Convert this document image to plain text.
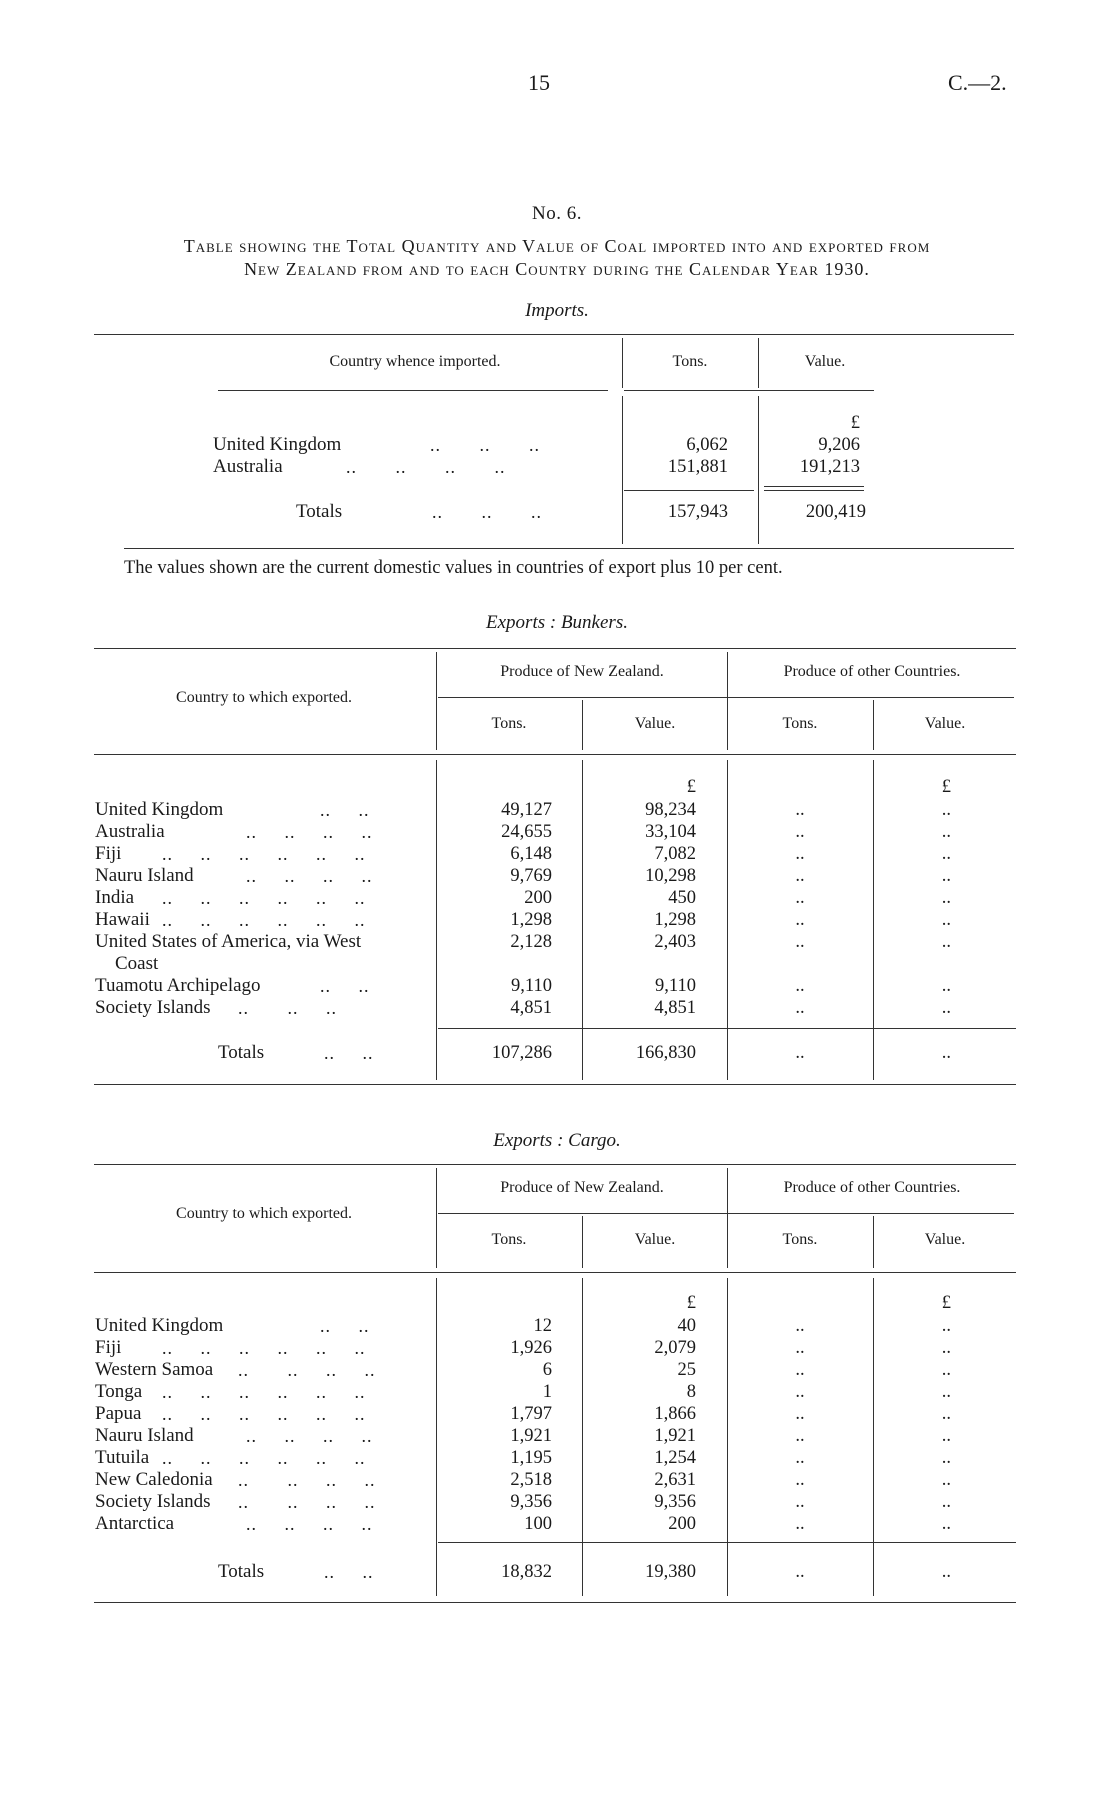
15	C.—2.
No. 6.
Table showing the Total Quantity and Value of Coal imported into and exported from
New Zealand from and to each Country during the Calendar Year 1930.
Imports.
Country whence imported.	Tons.	Value.
£
United Kingdom	..       ..       ..	6,062	9,206
Australia	..       ..       ..       ..	151,881	191,213
Totals	..       ..       ..	157,943	200,419
The values shown are the current domestic values in countries of export plus 10 per cent.
Exports : Bunkers.
Country to which exported.
Produce of New Zealand.	Produce of other Countries.
Tons.	Value.	Tons.	Value.
£	£
United Kingdom	..     ..	49,127	98,234	..	..
Australia	..     ..     ..     ..	24,655	33,104	..	..
Fiji ..     ..     ..     ..     ..     ..	6,148	7,082	..	..
Nauru Island	..     ..     ..     ..	9,769	10,298	..	..
India ..     ..     ..     ..     ..     ..	200	450	..	..
Hawaii ..     ..     ..     ..     ..     ..	1,298	1,298	..	..
United States of America, via West
Coast
2,128	2,403	..	..
Tuamotu Archipelago	..     ..	9,110	9,110	..	..
Society Islands ..       ..     ..	4,851	4,851	..	..
Totals	..     ..	107,286	166,830	..	..
Exports : Cargo.
Country to which exported.
Produce of New Zealand.	Produce of other Countries.
Tons.	Value.	Tons.	Value.
£	£
United Kingdom	..     ..	12	40	..	..
Fiji ..     ..     ..     ..     ..     ..	1,926	2,079	..	..
Western Samoa ..       ..     ..     ..	6	25	..	..
Tonga ..     ..     ..     ..     ..     ..	1	8	..	..
Papua ..     ..     ..     ..     ..     ..	1,797	1,866	..	..
Nauru Island	..     ..     ..     ..	1,921	1,921	..	..
Tutuila ..     ..     ..     ..     ..     ..	1,195	1,254	..	..
New Caledonia ..       ..     ..     ..	2,518	2,631	..	..
Society Islands ..       ..     ..     ..	9,356	9,356	..	..
Antarctica	..     ..     ..     ..	100	200	..	..
Totals	..     ..	18,832	19,380	..	..
